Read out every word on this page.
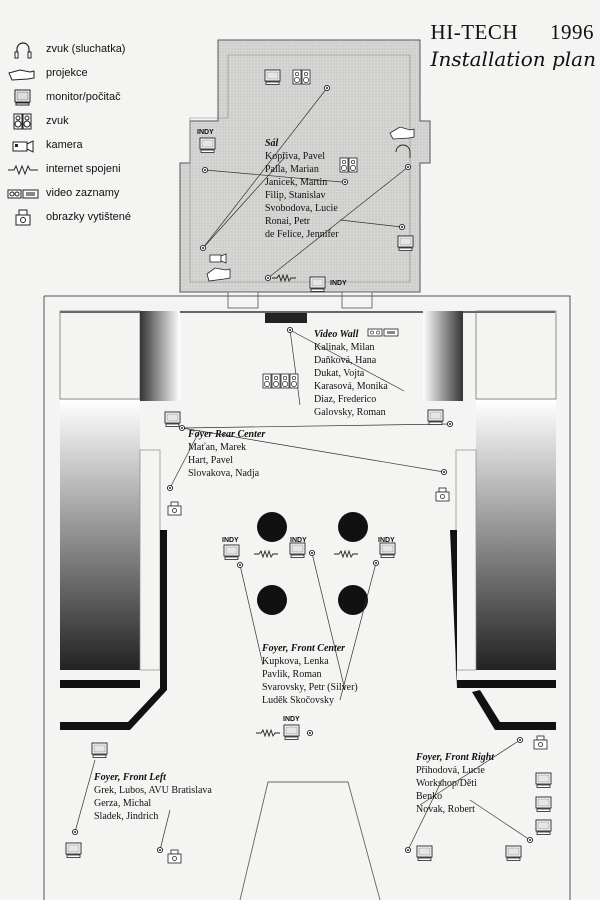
HI-TECH 1996
Installation plan
zvuk (sluchatka)
projekce
monitor/počitač
zvuk
kamera
internet spojeni
video zaznamy
obrazky vytištené
INDY
INDY
INDY	INDY	INDY
INDY
Sál
Kopřiva, Pavel
Palla, Marian
Janicek, Martin
Filip, Stanislav
Svobodova, Lucie
Ronai, Petr
de Felice, Jennifer
Video Wall
Kalinak, Milan
Daňková, Hana
Dukat, Vojta
Karasová, Monika
Diaz, Frederico
Galovsky, Roman
Foyer Rear Center
Maťan, Marek
Hart, Pavel
Slovakova, Nadja
Foyer, Front Center
Kupkova, Lenka
Pavlik, Roman
Svarovsky, Petr (Silver)
Luděk Skočovsky
Foyer, Front Left
Grek, Lubos, AVU Bratislava
Gerza, Michal
Sladek, Jindrich
Foyer, Front Right
Přihodová, Lucie
Workshop/Děti
Benko
Novak, Robert
